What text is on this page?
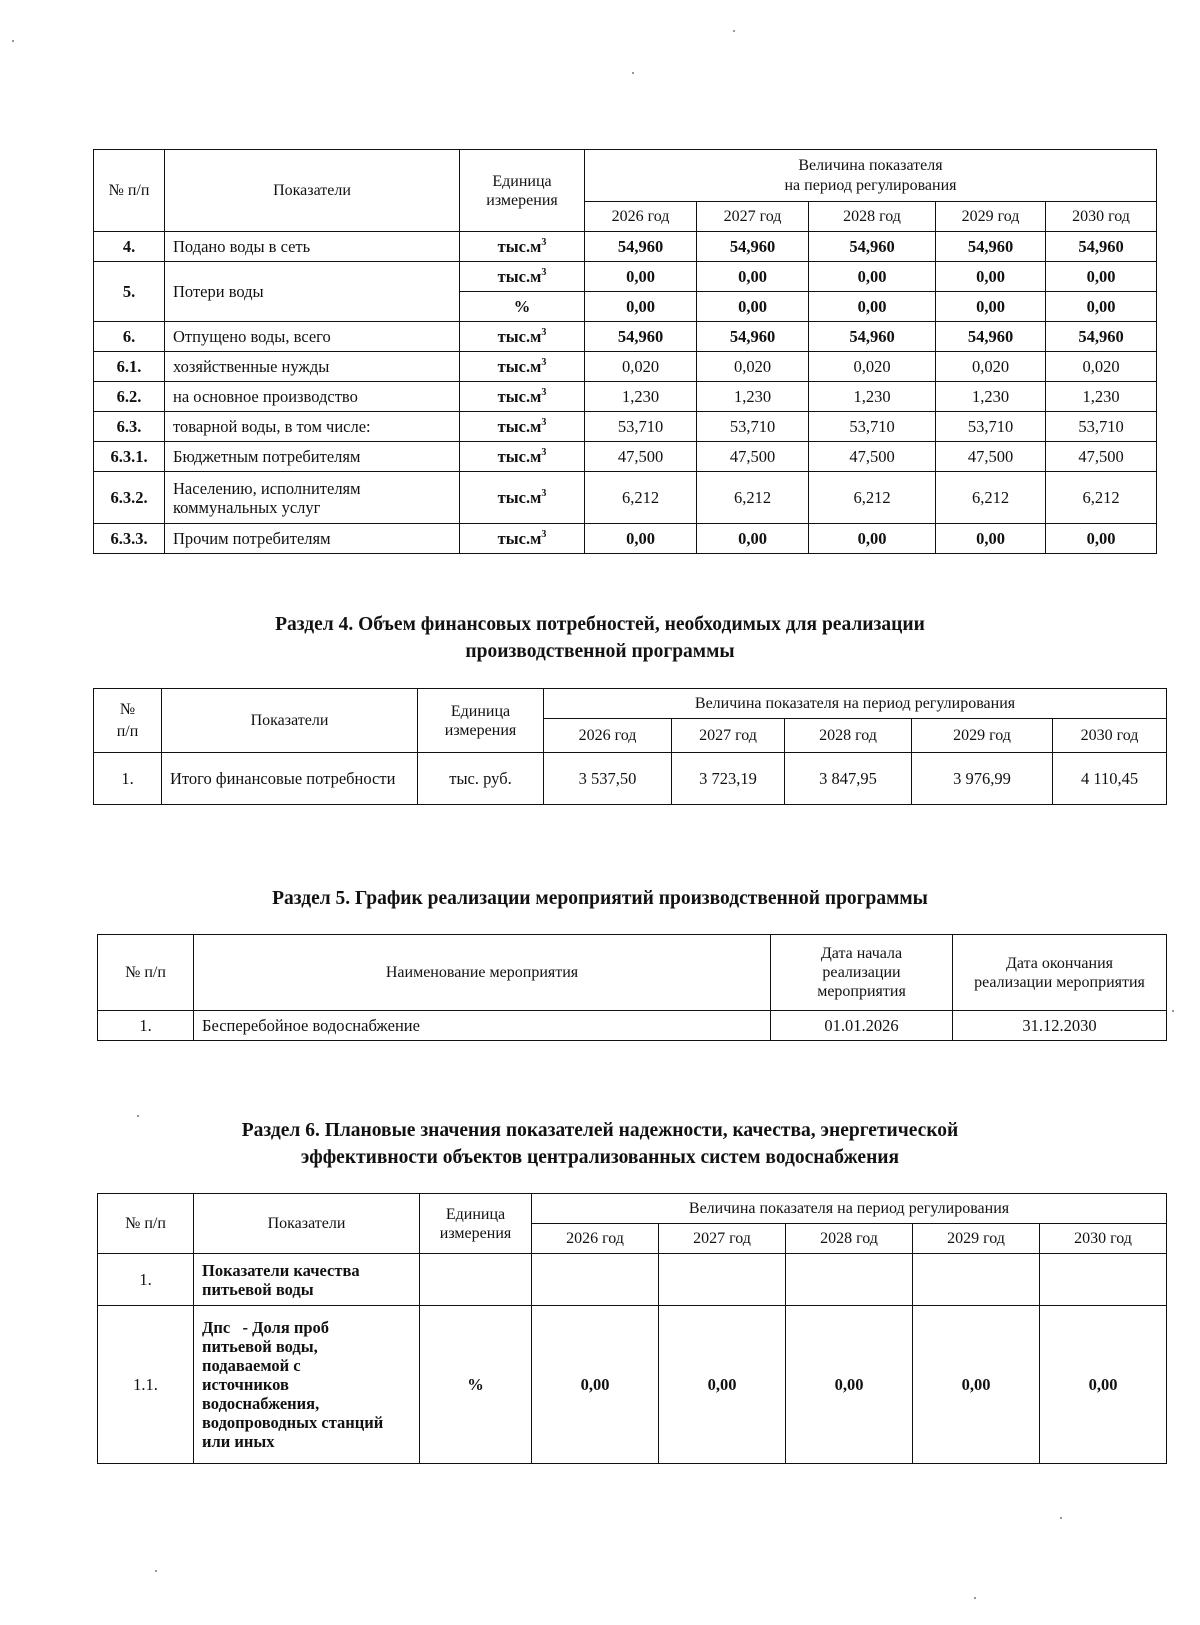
№ п/п	Показатели	Единица измерения	Величина показателя
на период регулирования				
			2026 год	2027 год	2028 год	2029 год	2030 год
4.	Подано воды в сеть	$тыс.м^3$	54,960	54,960	54,960	54,960	54,960
5.	Потери воды	$тыс.м^3$	0,00	0,00	0,00	0,00	0,00
		%	0,00	0,00	0,00	0,00	0,00
6.	Отпущено воды, всего	$тыс.м^3$	54,960	54,960	54,960	54,960	54,960
6.1.	хозяйственные нужды	$тыс.м^3$	0,020	0,020	0,020	0,020	0,020
6.2.	на основное производство	$тыс.м^3$	1,230	1,230	1,230	1,230	1,230
6.3.	товарной воды, в том числе:	$тыс.м^3$	53,710	53,710	53,710	53,710	53,710
6.3.1.	Бюджетным потребителям	$тыс.м^3$	47,500	47,500	47,500	47,500	47,500
6.3.2.	Населению, исполнителям коммунальных услуг	$тыс.м^3$	6,212	6,212	6,212	6,212	6,212
6.3.3.	Прочим потребителям	$тыс.м^3$	0,00	0,00	0,00	0,00	0,00
Раздел 4. Объем финансовых потребностей, необходимых для реализации
производственной программы
№
п/п	Показатели	Единица измерения	Величина показателя на период регулирования				
			2026 год	2027 год	2028 год	2029 год	2030 год
1.	Итого финансовые потребности	тыс. руб.	3 537,50	3 723,19	3 847,95	3 976,99	4 110,45
Раздел 5. График реализации мероприятий производственной программы
№ п/п	Наименование мероприятия	Дата начала реализации мероприятия	Дата окончания реализации мероприятия
1.	Бесперебойное водоснабжение	01.01.2026	31.12.2030
Раздел 6. Плановые значения показателей надежности, качества, энергетической
эффективности объектов централизованных систем водоснабжения
№ п/п	Показатели	Единица измерения	Величина показателя на период регулирования				
			2026 год	2027 год	2028 год	2029 год	2030 год
1.	Показатели качества питьевой воды						
1.1.	Дпс   - Доля проб питьевой воды, подаваемой с источников водоснабжения, водопроводных станций или иных	%	0,00	0,00	0,00	0,00	0,00
